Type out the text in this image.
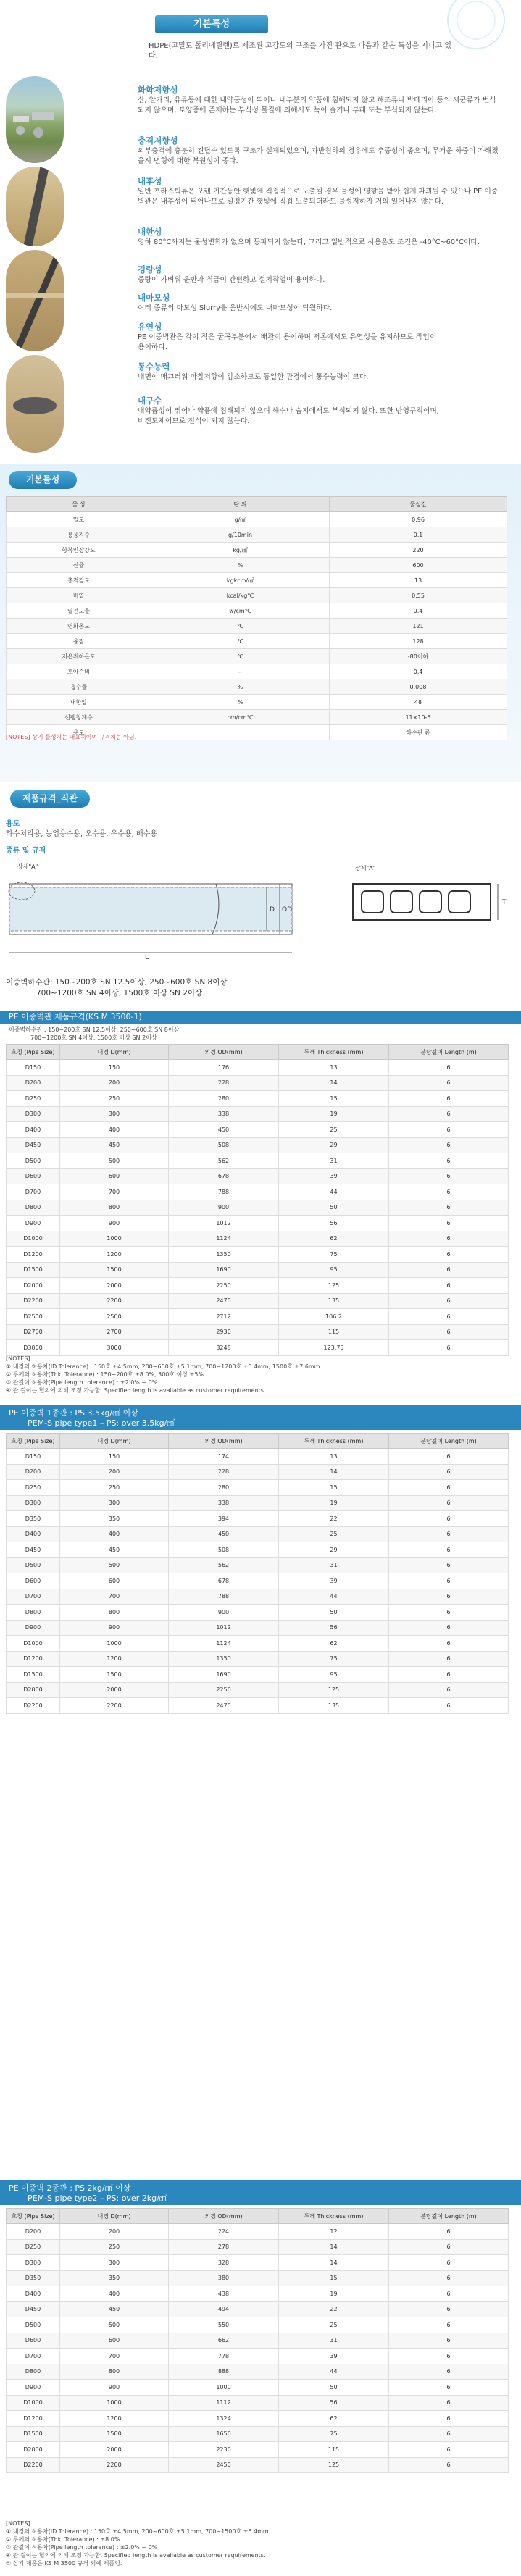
기본특성
HDPE(고밀도 폴리에틸렌)로 제조된 고강도의 구조를 가진 관으로 다음과 같은 특성을 지니고 있다.
화학저항성
산, 알카리, 유류등에 대한 내약품성이 뛰어나 내부분의 약품에 침해되지 않고 해조류나 박테리아 등의 세균류가 번식되지 않으며, 토양중에 존재하는 부식성 물질에 의해서도 녹이 슬거나 부패 또는 부식되지 않는다.
충격저항성
외부충격에 충분히 견딜수 있도록 구조가 설계되었으며, 자반침하의 경우에도 추종성이 좋으며, 무거운 하중이 가해졌을시 변형에 대한 복원성이 좋다.
내후성
일반 프라스틱류은 오랜 기간동안 햇빛에 직접적으로 노출될 경우 물성에 영향을 받아 쉽게 파괴될 수 있으나 PE 이중벽관은 내후성이 뛰어나므로 일정기간 햇빛에 직접 노출되더라도 물성저하가 거의 일어나지 않는다.
내한성
영하 80°C까지는 물성변화가 없으며 동파되지 않는다, 그리고 일반적으로 사용온도 조건은 -40°C~60°C이다.
경량성
중량이 가벼워 운반과 취급이 간편하고 설치작업이 용이하다.
내마모성
여러 종류의 마모성 Slurry를 운반시에도 내마모성이 탁월하다.
유연성
PE 이중벽관은 각이 작은 굴곡부분에서 배관이 용이하며 저온에서도 유연성을 유지하므로 작업이 용이하다.
통수능력
내면이 매끄러워 마찰저항이 감소하므로 동일한 관경에서 통수능력이 크다.
내구수
내약품성이 뛰어나 약품에 침해되지 않으며 해수나 습지에서도 부식되지 않다. 또한 반영구적이며, 비전도체이므로 전식이 되지 않는다.
기본물성
물 성	단 위	물성값
밀도	g/㎤	0.96
용융지수	g/10min	0.1
항복인장강도	kg/㎠	220
신율	%	600
충격강도	kgkcm/㎠	13
비열	kcal/kg℃	0.55
열전도율	w/cm℃	0.4
연화온도	℃	121
융점	℃	128
저온취하온도	℃	-80이하
포아슨비	--	0.4
흡수율	%	0.008
내한압	%	48
선팽창계수	cm/cm℃	11×10-5
용도		하수관 류
[NOTES] 상기 물성치는 대표치이며 규격치는 아님.
제품규격_직관
용도
하수처리용, 농업용수용, 오수용, 우수용, 배수용
종류 및 규격
상세"A"
D OD
L
상세"A"
T
이중벽하수관: 150~200호 SN 12.5이상, 250~600호 SN 8이상
700~1200호 SN 4이상, 1500호 이상 SN 2이상
PE 이중벽관 제품규격(KS M 3500-1)
이중벽하수관 : 150~200호 SN 12.5이상, 250~600호 SN 8이상
700~1200호 SN 4이상, 1500호 이상 SN 2이상
호칭 (Pipe Size)	내경 D(mm)	외경 OD(mm)	두께 Thickness (mm)	분당길이 Length (m)
D150	150	176	13	6
D200	200	228	14	6
D250	250	280	15	6
D300	300	338	19	6
D400	400	450	25	6
D450	450	508	29	6
D500	500	562	31	6
D600	600	678	39	6
D700	700	788	44	6
D800	800	900	50	6
D900	900	1012	56	6
D1000	1000	1124	62	6
D1200	1200	1350	75	6
D1500	1500	1690	95	6
D2000	2000	2250	125	6
D2200	2200	2470	135	6
D2500	2500	2712	106.2	6
D2700	2700	2930	115	6
D3000	3000	3248	123.75	6
[NOTES]
① 내경의 허용차(ID Tolerance) : 150호 ±4.5mm, 200~600호 ±5.1mm, 700~1200호 ±6.4mm, 1500호 ±7.6mm
② 두께의 허용차(Thk. Tolerance) : 150~200호 ±8.0%, 300호 이상 ±5%
③ 관길이 허용차(Pipe length tolerance) : ±2.0% ~ 0%
④ 관 길이는 협의에 의해 조정 가능함. Specified length is available as customer requirements.
PE 이중벽 1종관 : PS 3.5kg/㎠ 이상
PEM-S pipe type1 – PS: over 3.5kg/㎠
호칭 (Pipe Size)	내경 D(mm)	외경 OD(mm)	두께 Thickness (mm)	분당길이 Length (m)
D150	150	174	13	6
D200	200	228	14	6
D250	250	280	15	6
D300	300	338	19	6
D350	350	394	22	6
D400	400	450	25	6
D450	450	508	29	6
D500	500	562	31	6
D600	600	678	39	6
D700	700	788	44	6
D800	800	900	50	6
D900	900	1012	56	6
D1000	1000	1124	62	6
D1200	1200	1350	75	6
D1500	1500	1690	95	6
D2000	2000	2250	125	6
D2200	2200	2470	135	6
PE 이중벽 2종관 : PS 2kg/㎠ 이상
PEM-S pipe type2 – PS: over 2kg/㎠
호칭 (Pipe Size)	내경 D(mm)	외경 OD(mm)	두께 Thickness (mm)	분당길이 Length (m)
D200	200	224	12	6
D250	250	278	14	6
D300	300	328	14	6
D350	350	380	15	6
D400	400	438	19	6
D450	450	494	22	6
D500	500	550	25	6
D600	600	662	31	6
D700	700	778	39	6
D800	800	888	44	6
D900	900	1000	50	6
D1000	1000	1112	56	6
D1200	1200	1324	62	6
D1500	1500	1650	75	6
D2000	2000	2230	115	6
D2200	2200	2450	125	6
[NOTES]
① 내경의 허용차(ID Tolerance) : 150호 ±4.5mm, 200~600호 ±5.1mm, 700~1500호 ±6.4mm
② 두께의 허용차(Thk. Tolerance) : ±8.0%
③ 관길이 허용차(Pipe length tolerance) : ±2.0% ~ 0%
④ 관 길이는 협의에 의해 조정 가능함. Specified length is available as customer requirements.
⑤ 상기 제품은 KS M 3500 규격 외에 제품임.
